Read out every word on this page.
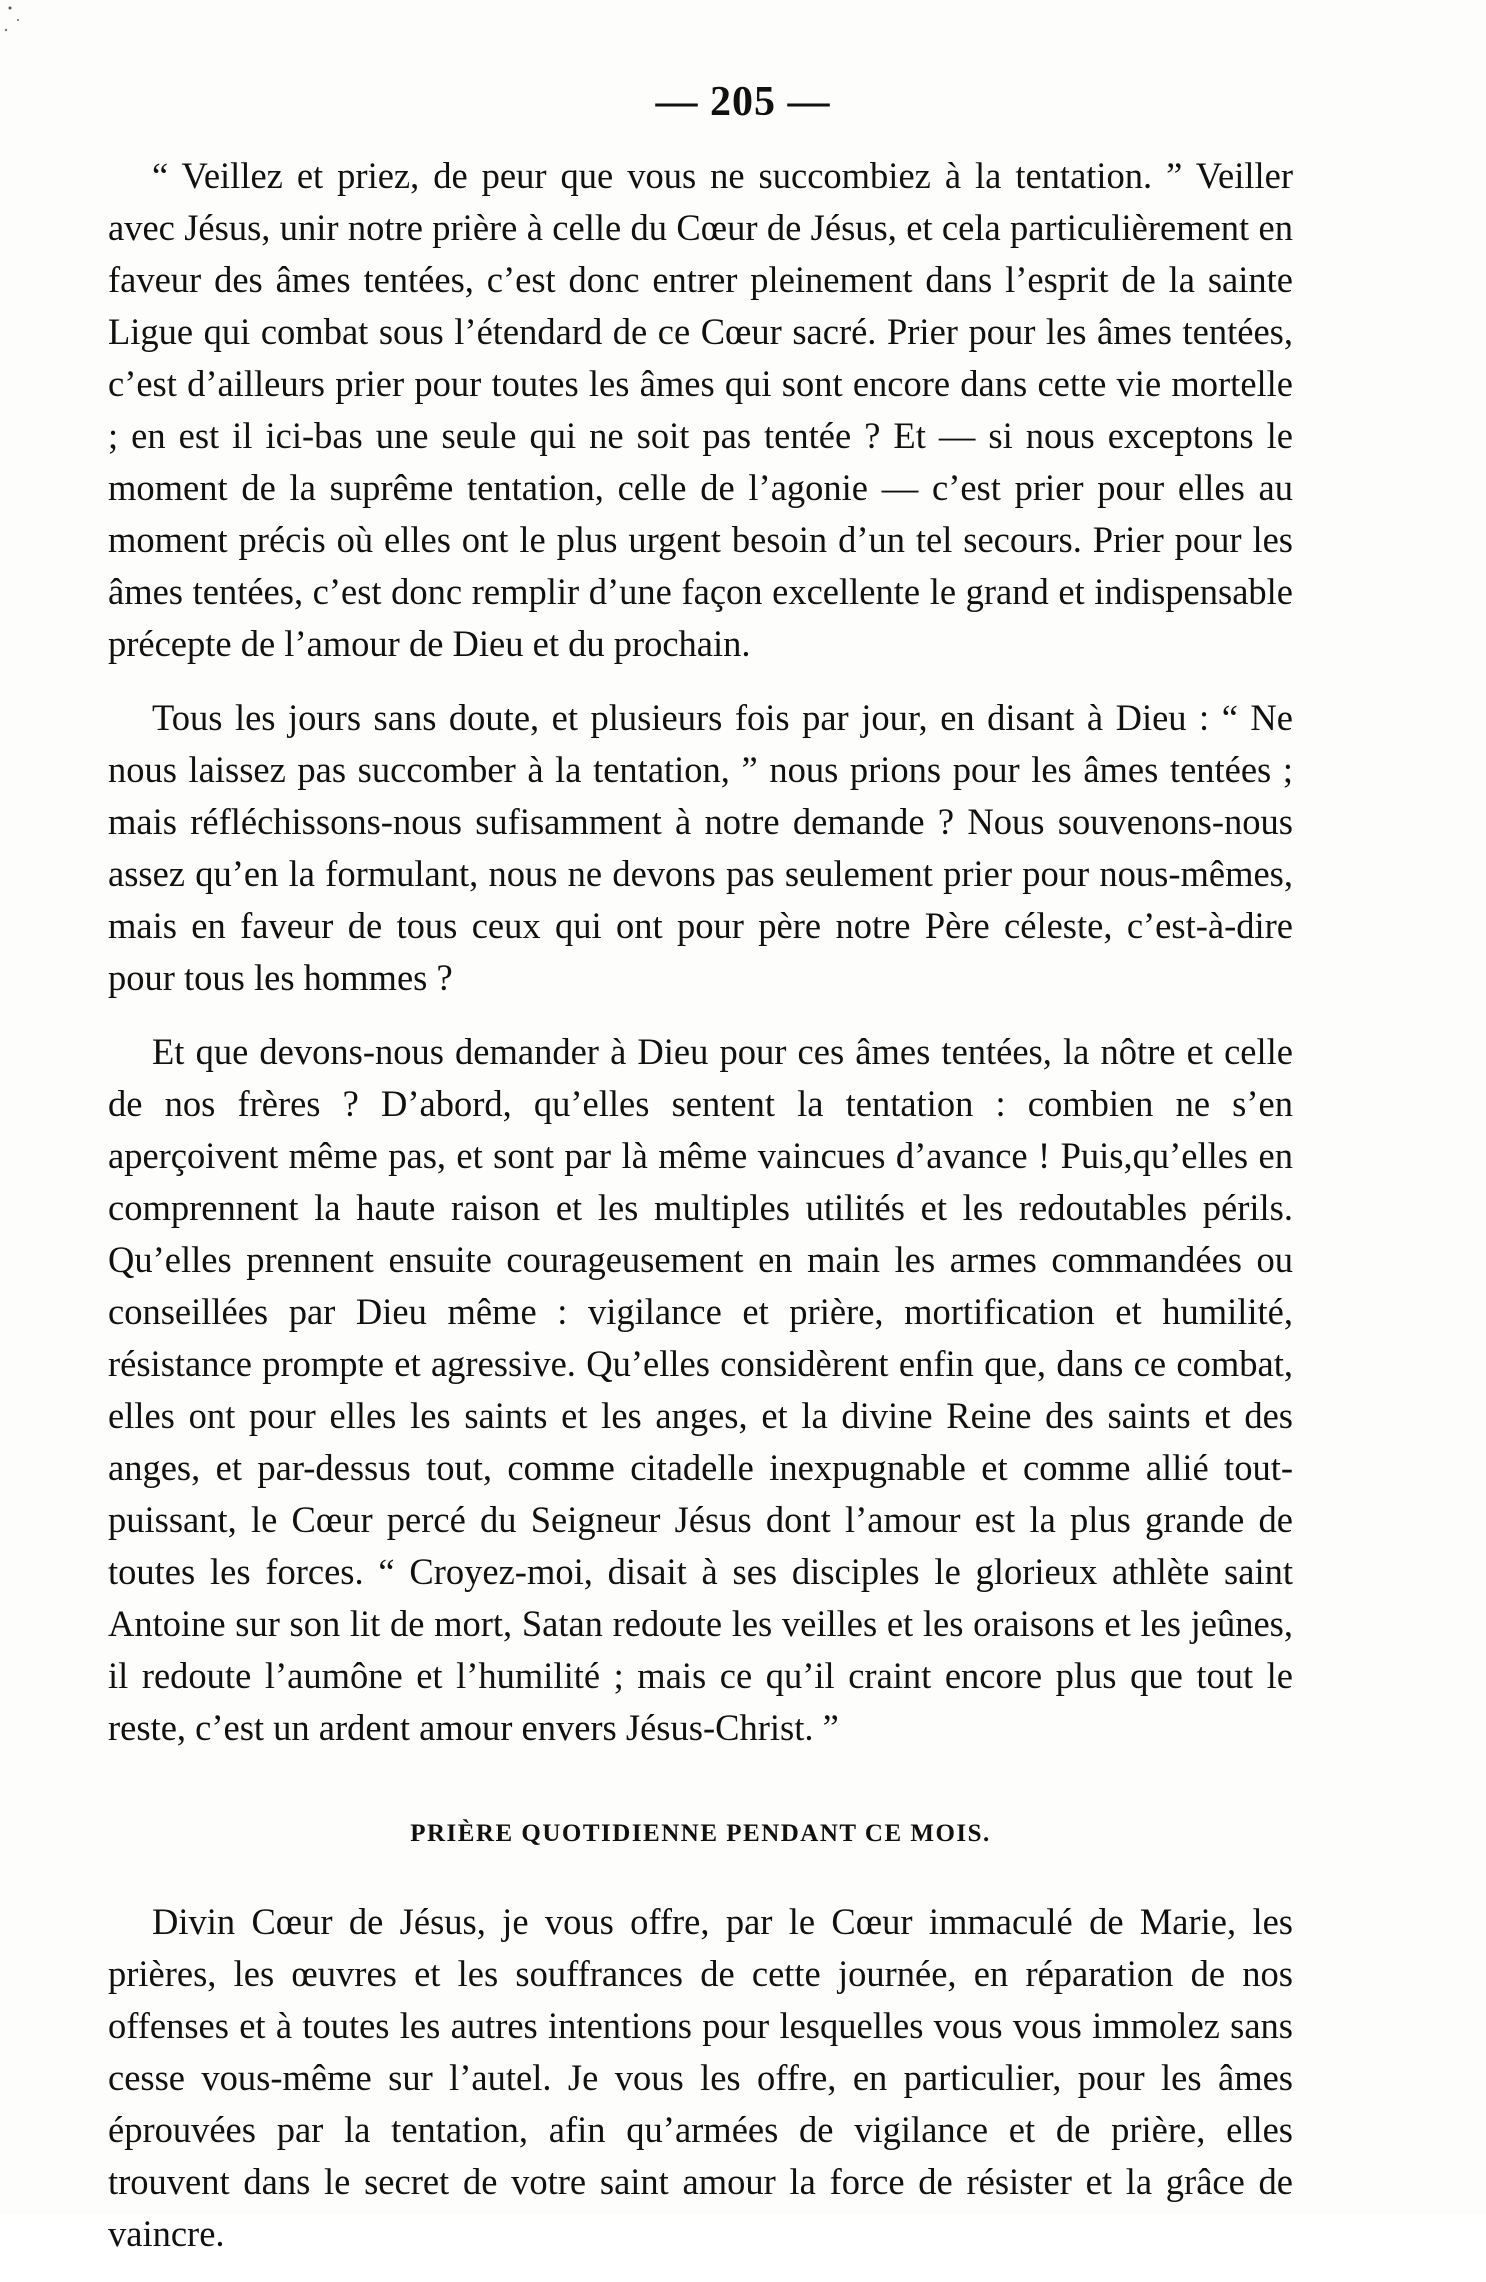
— 205 —

“ Veillez et priez, de peur que vous ne succombiez à la tentation. ” Veiller avec Jésus, unir notre prière à celle du Cœur de Jésus, et cela particulièrement en faveur des âmes tentées, c’est donc entrer pleinement dans l’esprit de la sainte Ligue qui combat sous l’étendard de ce Cœur sacré. Prier pour les âmes tentées, c’est d’ailleurs prier pour toutes les âmes qui sont encore dans cette vie mortelle ; en est il ici-bas une seule qui ne soit pas tentée ? Et — si nous exceptons le moment de la suprême tentation, celle de l’agonie — c’est prier pour elles au moment précis où elles ont le plus urgent besoin d’un tel secours. Prier pour les âmes tentées, c’est donc remplir d’une façon excellente le grand et indispensable précepte de l’amour de Dieu et du prochain.

Tous les jours sans doute, et plusieurs fois par jour, en disant à Dieu : “ Ne nous laissez pas succomber à la tentation, ” nous prions pour les âmes tentées ; mais réfléchissons-nous sufisamment à notre demande ? Nous souvenons-nous assez qu’en la formulant, nous ne devons pas seulement prier pour nous-mêmes, mais en faveur de tous ceux qui ont pour père notre Père céleste, c’est-à-dire pour tous les hommes ?

Et que devons-nous demander à Dieu pour ces âmes tentées, la nôtre et celle de nos frères ? D’abord, qu’elles sentent la tentation : combien ne s’en aperçoivent même pas, et sont par là même vaincues d’avance ! Puis,qu’elles en comprennent la haute raison et les multiples utilités et les redoutables périls. Qu’elles prennent ensuite courageusement en main les armes commandées ou conseillées par Dieu même : vigilance et prière, mortification et humilité, résistance prompte et agressive. Qu’elles considèrent enfin que, dans ce combat, elles ont pour elles les saints et les anges, et la divine Reine des saints et des anges, et par-dessus tout, comme citadelle inexpugnable et comme allié tout-puissant, le Cœur percé du Seigneur Jésus dont l’amour est la plus grande de toutes les forces. “ Croyez-moi, disait à ses disciples le glorieux athlète saint Antoine sur son lit de mort, Satan redoute les veilles et les oraisons et les jeûnes, il redoute l’aumône et l’humilité ; mais ce qu’il craint encore plus que tout le reste, c’est un ardent amour envers Jésus-Christ. ”

PRIÈRE QUOTIDIENNE PENDANT CE MOIS.

Divin Cœur de Jésus, je vous offre, par le Cœur immaculé de Marie, les prières, les œuvres et les souffrances de cette journée, en réparation de nos offenses et à toutes les autres intentions pour lesquelles vous vous immolez sans cesse vous-même sur l’autel. Je vous les offre, en particulier, pour les âmes éprouvées par la tentation, afin qu’armées de vigilance et de prière, elles trouvent dans le secret de votre saint amour la force de résister et la grâce de vaincre.
